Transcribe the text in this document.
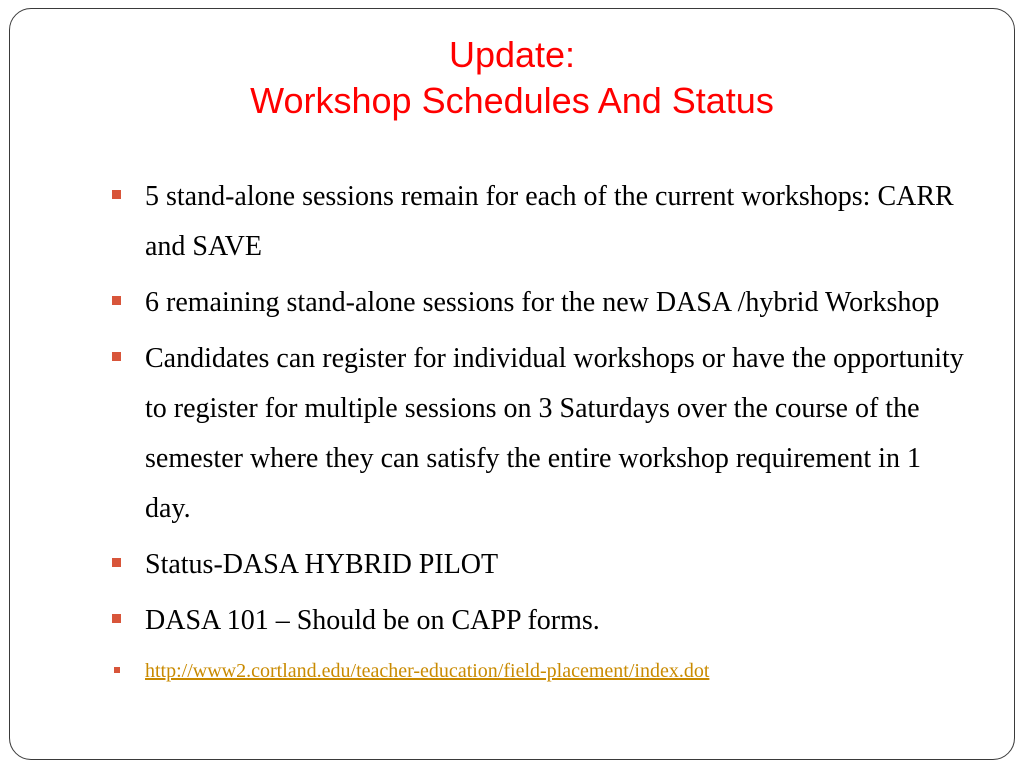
Update:
Workshop Schedules And Status
5 stand-alone sessions remain for each of the current workshops: CARR and SAVE
6 remaining stand-alone sessions for the new DASA /hybrid Workshop
Candidates can register for individual workshops or have the opportunity to register for multiple sessions on 3 Saturdays over the course of the semester where they can satisfy the entire workshop requirement in 1 day.
Status-DASA HYBRID PILOT
DASA 101 – Should be on CAPP forms.
http://www2.cortland.edu/teacher-education/field-placement/index.dot
